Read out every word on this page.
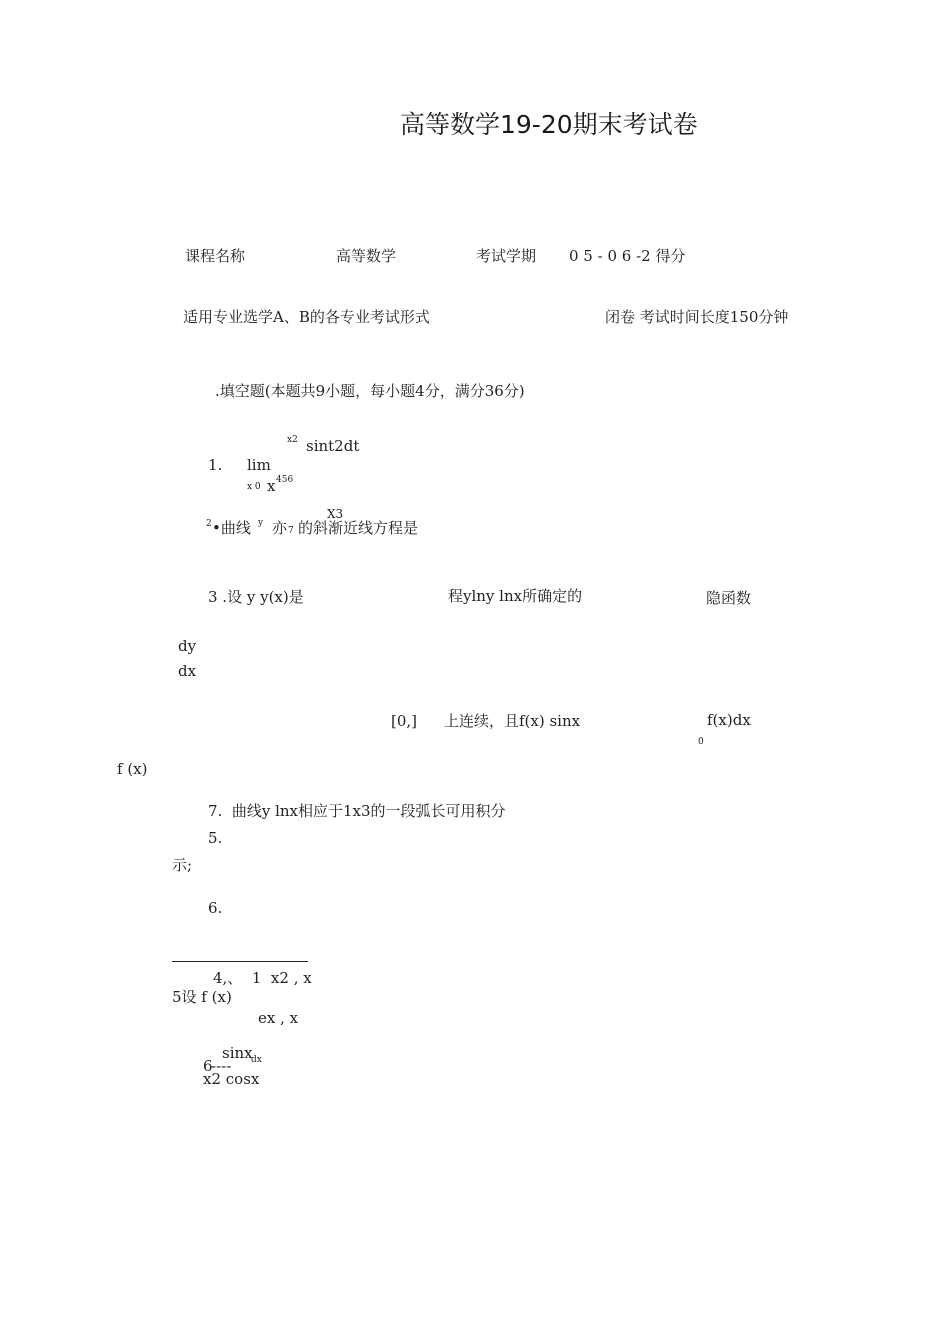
高等数学19-20期末考试卷
课程名称	高等数学	考试学期 0 5 - 0 6 -2 得分
适用专业选学A、B的各专业考试形式	闭卷 考试时间长度150分钟
.填空题(本题共9小题，每小题4分，满分36分)
x2 sint2dt
1. lim
x 0 x 456
X3
2 •曲线 y 亦 7 的斜渐近线方程是
3 .设 y y(x)是	程ylny lnx所确定的	隐函数
dy
dx
[0,] 上连续，且f(x) sinx	f(x)dx
0
f (x)
7.  曲线y lnx相应于1x3的一段弧长可用积分
5.
示;
6.
4,、  1  x2 , x
5设 f (x)
ex , x
sinx
dx
6
----
x2 cosx
